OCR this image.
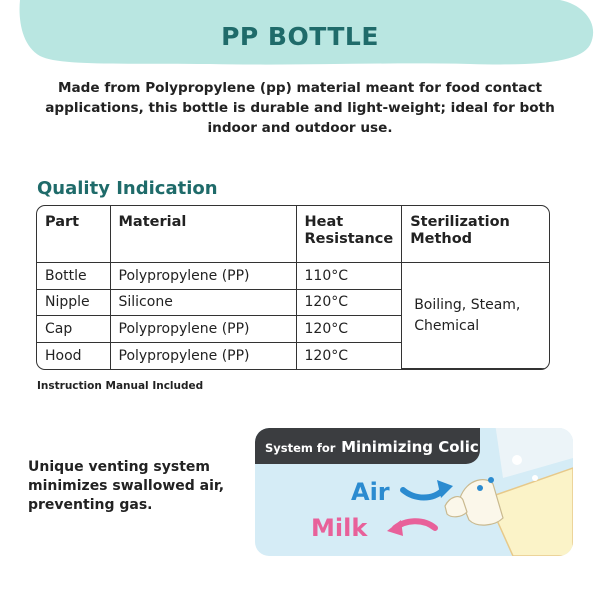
PP BOTTLE
Made from Polypropylene (pp) material meant for food contact applications, this bottle is durable and light-weight; ideal for both indoor and outdoor use.
Quality Indication
Part	Material	Heat Resistance	Sterilization Method
Bottle	Polypropylene (PP)	110°C	Boiling, Steam, Chemical
Nipple	Silicone	120°C	
Cap	Polypropylene (PP)	120°C	
Hood	Polypropylene (PP)	120°C	
Instruction Manual Included
Unique venting system minimizes swallowed air, preventing gas.
System for Minimizing Colic
Air
Milk
